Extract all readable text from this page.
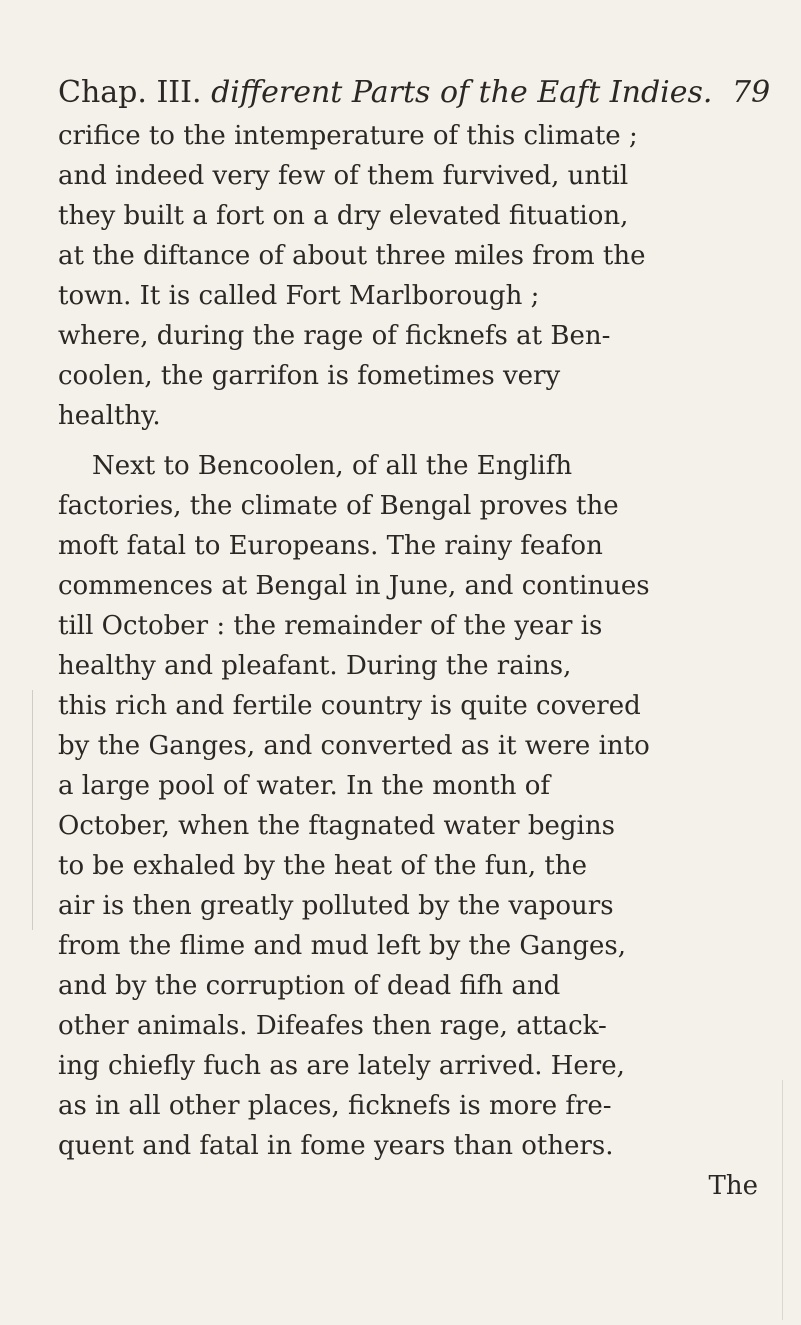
Chap. III. different Parts of the Eaft Indies. 79
crifice to the intemperature of this climate ;
and indeed very few of them furvived, until
they built a fort on a dry elevated fituation,
at the diftance of about three miles from the
town. It is called Fort Marlborough ;
where, during the rage of ficknefs at Ben-
coolen, the garrifon is fometimes very
healthy.
Next to Bencoolen, of all the Englifh
factories, the climate of Bengal proves the
moft fatal to Europeans. The rainy feafon
commences at Bengal in June, and continues
till October : the remainder of the year is
healthy and pleafant. During the rains,
this rich and fertile country is quite covered
by the Ganges, and converted as it were into
a large pool of water. In the month of
October, when the ftagnated water begins
to be exhaled by the heat of the fun, the
air is then greatly polluted by the vapours
from the flime and mud left by the Ganges,
and by the corruption of dead fifh and
other animals. Difeafes then rage, attack-
ing chiefly fuch as are lately arrived. Here,
as in all other places, ficknefs is more fre-
quent and fatal in fome years than others.
The
